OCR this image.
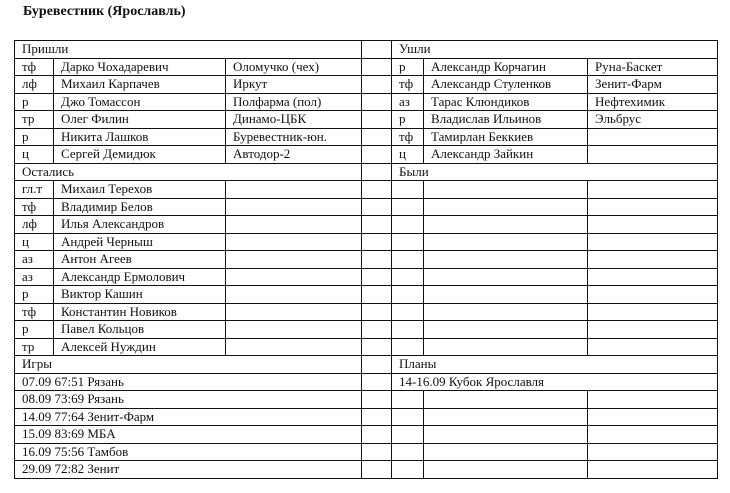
Буревестник (Ярославль)
Пришли				Ушли		
тф	Дарко Чохадаревич	Оломучко (чех)		р	Александр Корчагин	Руна-Баскет
лф	Михаил Карпачев	Иркут		тф	Александр Стуленков	Зенит-Фарм
р	Джо Томассон	Полфарма (пол)		аз	Тарас Клюндиков	Нефтехимик
тр	Олег Филин	Динамо-ЦБК		р	Владислав Ильинов	Эльбрус
р	Никита Лашков	Буревестник-юн.		тф	Тамирлан Беккиев	
ц	Сергей Демидюк	Автодор-2		ц	Александр Зайкин	
Остались				Были		
гл.т	Михаил Терехов					
тф	Владимир Белов					
лф	Илья Александров					
ц	Андрей Черныш					
аз	Антон Агеев					
аз	Александр Ермолович					
р	Виктор Кашин					
тф	Константин Новиков					
р	Павел Кольцов					
тр	Алексей Нуждин					
Игры				Планы		
07.09 67:51 Рязань				14-16.09 Кубок Ярославля		
08.09 73:69 Рязань						
14.09 77:64 Зенит-Фарм						
15.09 83:69 МБА						
16.09 75:56 Тамбов						
29.09 72:82 Зенит						
